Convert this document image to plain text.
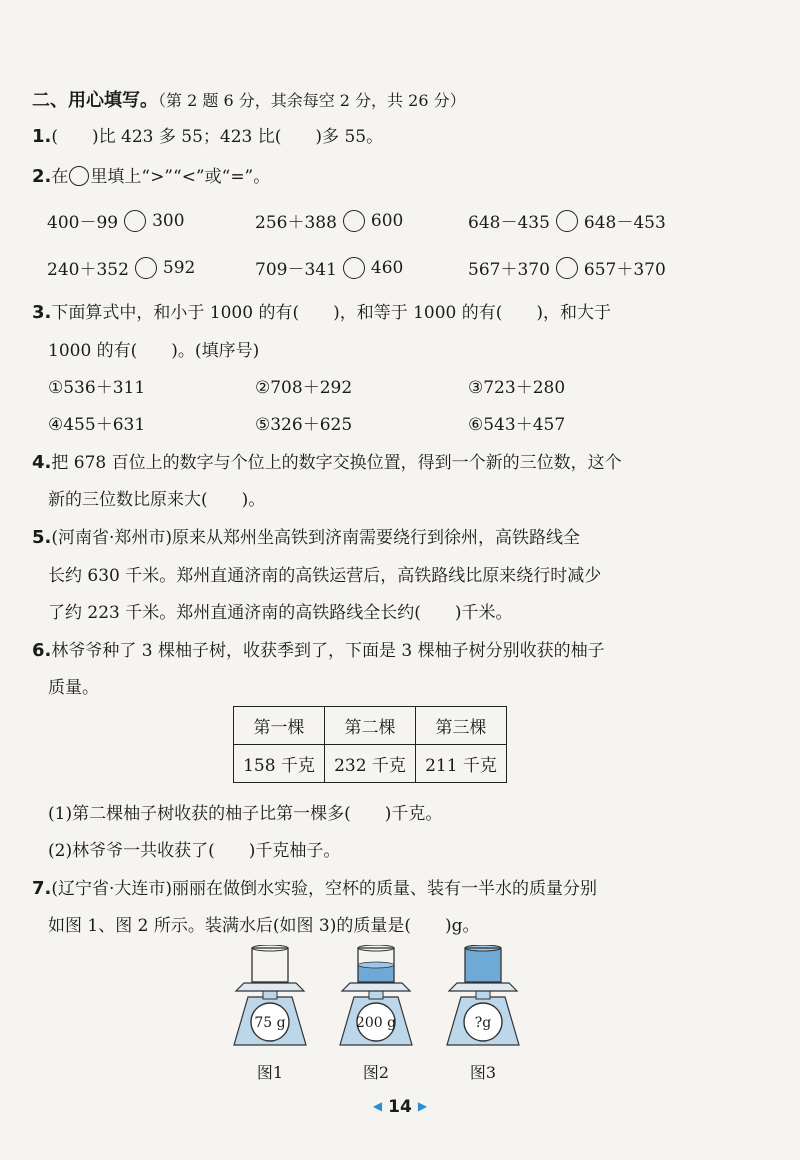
二、用心填写。（第 2 题 6 分，其余每空 2 分，共 26 分）
1.(　　)比 423 多 55；423 比(　　)多 55。
2.在 里填上“>”“<”或“=”。
400－99 300	256＋388 600	648－435 648－453
240＋352 592	709－341 460	567＋370 657＋370
3.下面算式中，和小于 1000 的有(　　)，和等于 1000 的有(　　)，和大于
1000 的有(　　)。(填序号)
①536＋311	②708＋292	③723＋280
④455＋631	⑤326＋625	⑥543＋457
4.把 678 百位上的数字与个位上的数字交换位置，得到一个新的三位数，这个
新的三位数比原来大(　　)。
5.(河南省·郑州市)原来从郑州坐高铁到济南需要绕行到徐州，高铁路线全
长约 630 千米。郑州直通济南的高铁运营后，高铁路线比原来绕行时减少
了约 223 千米。郑州直通济南的高铁路线全长约(　　)千米。
6.林爷爷种了 3 棵柚子树，收获季到了，下面是 3 棵柚子树分别收获的柚子
质量。
第一棵	第二棵	第三棵
158 千克	232 千克	211 千克
(1)第二棵柚子树收获的柚子比第一棵多(　　)千克。
(2)林爷爷一共收获了(　　)千克柚子。
7.(辽宁省·大连市)丽丽在做倒水实验，空杯的质量、装有一半水的质量分别
如图 1、图 2 所示。装满水后(如图 3)的质量是(　　)g。
75 g	200 g	?g
图1	图2	图3
◀ 14 ▶
